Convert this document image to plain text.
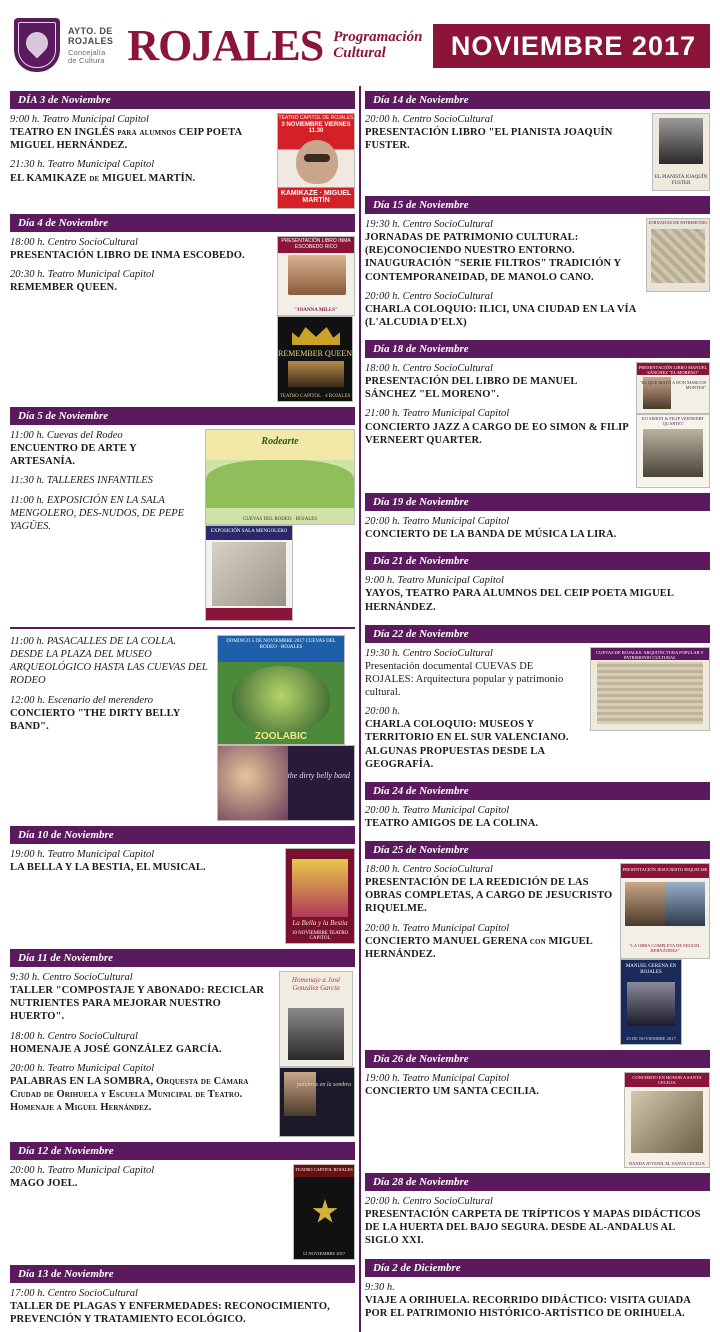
AYTO. DE
ROJALES
Concejalía
de Cultura ROJALES Programación
Cultural	NOVIEMBRE 2017
DÍA 3 de Noviembre
9:00 h. Teatro Municipal Capitol
TEATRO EN INGLÉS para alumnos CEIP POETA MIGUEL HERNÁNDEZ.
21:30 h. Teatro Municipal Capitol
EL KAMIKAZE de MIGUEL MARTÍN.
TEATRO CAPITOL DE ROJALES
3 NOVIEMBRE VIERNES 11.30
KAMIKAZE · MIGUEL MARTÍN
Día 4 de Noviembre
18:00 h. Centro SocioCultural
PRESENTACIÓN LIBRO DE INMA ESCOBEDO.
20:30 h. Teatro Municipal Capitol
REMEMBER QUEEN.
PRESENTACIÓN LIBRO INMA ESCOBEDO RICO
"JOANNA MILLS"
REMEMBER QUEEN
TEATRO CAPITOL · 4 ROJALES
Día 5 de Noviembre
11:00 h. Cuevas del Rodeo
ENCUENTRO DE ARTE Y ARTESANÍA.
11:30 h. TALLERES INFANTILES
11:00 h. EXPOSICIÓN EN LA SALA MENGOLERO, DES-NUDOS, DE PEPE YAGÜES.
Rodearte
CUEVAS DEL RODEO · ROJALES
EXPOSICIÓN SALA MENGOLERO
11:00 h. PASACALLES DE LA COLLA. DESDE LA PLAZA DEL MUSEO ARQUEOLÓGICO HASTA LAS CUEVAS DEL RODEO
12:00 h. Escenario del merendero
CONCIERTO "THE DIRTY BELLY BAND".
DOMINGO 5 DE NOVIEMBRE 2017 CUEVAS DEL RODEO · ROJALES
ZOOLABIC
the dirty belly band
Día 10 de Noviembre
19:00 h. Teatro Municipal Capitol
LA BELLA Y LA BESTIA, EL MUSICAL.
La Bella y la Bestia
10 NOVIEMBRE TEATRO CAPITOL
Día 11 de Noviembre
9:30 h. Centro SocioCultural
TALLER "COMPOSTAJE Y ABONADO: RECICLAR NUTRIENTES PARA MEJORAR NUESTRO HUERTO".
18:00 h. Centro SocioCultural
HOMENAJE A JOSÉ GONZÁLEZ GARCÍA.
20:00 h. Teatro Municipal Capitol
PALABRAS EN LA SOMBRA, Orquesta de Cámara Ciudad de Orihuela y Escuela Municipal de Teatro. Homenaje a Miguel Hernández.
Homenaje a José González García
palabras en la sombra
Día 12 de Noviembre
20:00 h. Teatro Municipal Capitol
MAGO JOEL.
TEATRO CAPITOL ROJALES
12 NOVIEMBRE 2017
Día 13 de Noviembre
17:00 h. Centro SocioCultural
TALLER DE PLAGAS Y ENFERMEDADES: RECONOCIMIENTO, PREVENCIÓN Y TRATAMIENTO ECOLÓGICO.
Día 14 de Noviembre
20:00 h. Centro SocioCultural
PRESENTACIÓN LIBRO "EL PIANISTA JOAQUÍN FUSTER.
EL PIANISTA JOAQUÍN FUSTER
Día 15 de Noviembre
19:30 h. Centro SocioCultural
JORNADAS DE PATRIMONIO CULTURAL: (RE)CONOCIENDO NUESTRO ENTORNO. INAUGURACIÓN "SERIE FILTROS" TRADICIÓN Y CONTEMPORANEIDAD, DE MANOLO CANO.
20:00 h. Centro SocioCultural
CHARLA COLOQUIO: ILICI, UNA CIUDAD EN LA VÍA (L'ALCUDIA D'ELX)
JORNADAS DE PATRIMONIO
Día 18 de Noviembre
18:00 h. Centro SocioCultural
PRESENTACIÓN DEL LIBRO DE MANUEL SÁNCHEZ "EL MORENO".
21:00 h. Teatro Municipal Capitol
CONCIERTO JAZZ A CARGO DE EO SIMON & FILIP VERNEERT QUARTER.
PRESENTACIÓN LIBRO MANUEL SÁNCHEZ "EL MORENO"
"EL QUE MATÓ A DON MARCOS MONTES"
EO SIMON & FILIP VERNEERT QUARTET
Día 19 de Noviembre
20:00 h. Teatro Municipal Capitol
CONCIERTO DE LA BANDA DE MÚSICA LA LIRA.
Día 21 de Noviembre
9:00 h. Teatro Municipal Capitol
YAYOS, TEATRO PARA ALUMNOS DEL CEIP POETA MIGUEL HERNÁNDEZ.
Día 22 de Noviembre
19:30 h. Centro SocioCultural
Presentación documental CUEVAS DE ROJALES: Arquitectura popular y patrimonio cultural.
20:00 h.
CHARLA COLOQUIO: MUSEOS Y TERRITORIO EN EL SUR VALENCIANO. ALGUNAS PROPUESTAS DESDE LA GEOGRAFÍA.
CUEVAS DE ROJALES: ARQUITECTURA POPULAR Y PATRIMONIO CULTURAL
Día 24 de Noviembre
20:00 h. Teatro Municipal Capitol
TEATRO AMIGOS DE LA COLINA.
Día 25 de Noviembre
18:00 h. Centro SocioCultural
PRESENTACIÓN DE LA REEDICIÓN DE LAS OBRAS COMPLETAS, A CARGO DE JESUCRISTO RIQUELME.
20:00 h. Teatro Municipal Capitol
CONCIERTO MANUEL GERENA con MIGUEL HERNÁNDEZ.
PRESENTACIÓN JESUCRISTO RIQUELME
"LA OBRA COMPLETA DE MIGUEL HERNÁNDEZ"
MANUEL GERENA EN ROJALES
25 DE NOVIEMBRE 2017
Día 26 de Noviembre
19:00 h. Teatro Municipal Capitol
CONCIERTO UM SANTA CECILIA.
CONCIERTO EN HONOR A SANTA CECILIA
BANDA JUVENIL M. SANTA CECILIA
Día 28 de Noviembre
20:00 h. Centro SocioCultural
PRESENTACIÓN CARPETA DE TRÍPTICOS Y MAPAS DIDÁCTICOS DE LA HUERTA DEL BAJO SEGURA. DESDE AL-ANDALUS AL SIGLO XXI.
Día 2 de Diciembre
9:30 h.
VIAJE A ORIHUELA. RECORRIDO DIDÁCTICO: VISITA GUIADA POR EL PATRIMONIO HISTÓRICO-ARTÍSTICO DE ORIHUELA.
